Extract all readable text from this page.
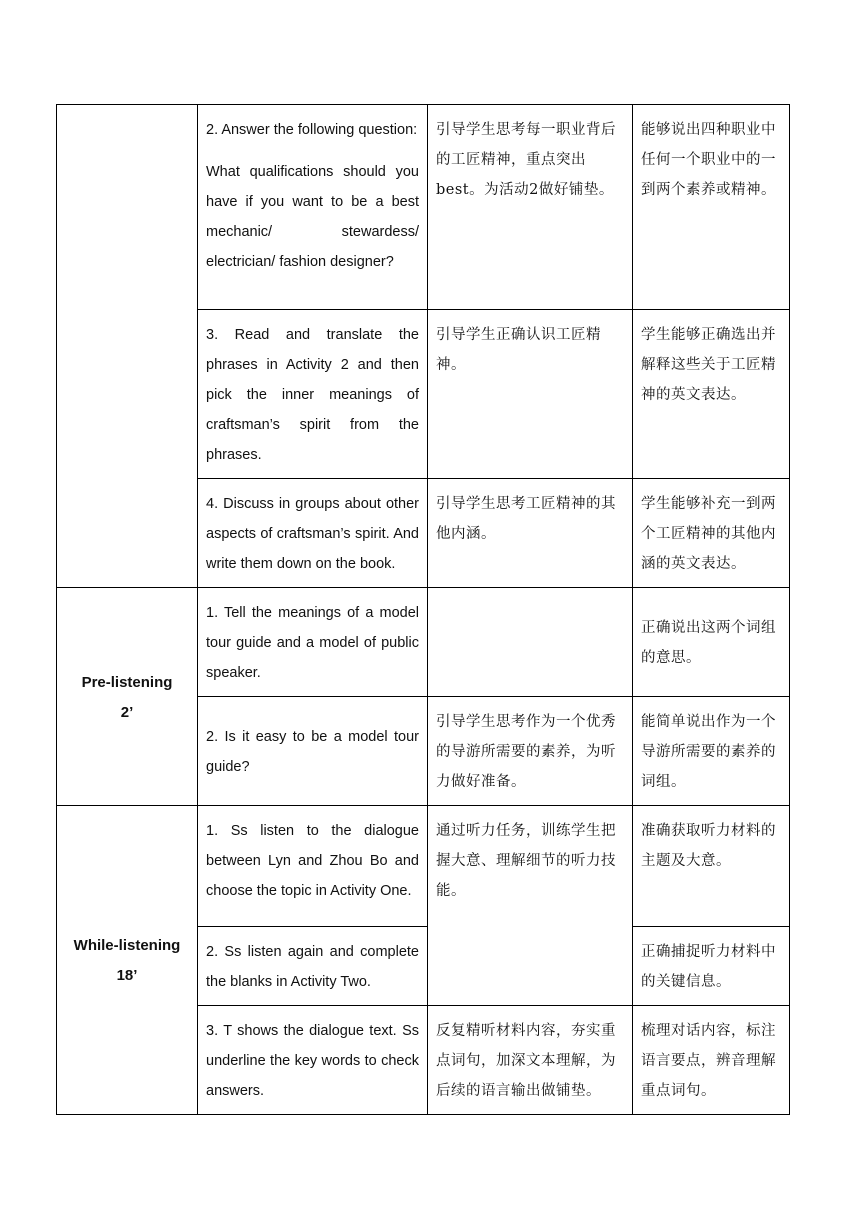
	2. Answer the following question:
What qualifications should you have if you want to be a best mechanic/ stewardess/ electrician/ fashion designer?	引导学生思考每一职业背后的工匠精神，重点突出best。为活动2做好铺垫。	能够说出四种职业中任何一个职业中的一到两个素养或精神。
	3. Read and translate the phrases in Activity 2 and then pick the inner meanings of craftsman’s spirit from the phrases.	引导学生正确认识工匠精神。	学生能够正确选出并解释这些关于工匠精神的英文表达。
	4. Discuss in groups about other aspects of craftsman’s spirit. And write them down on the book.	引导学生思考工匠精神的其他内涵。	学生能够补充一到两个工匠精神的其他内涵的英文表达。

Pre-listening
2’	1. Tell the meanings of a model tour guide and a model of public speaker.		正确说出这两个词组的意思。
	2. Is it easy to be a model tour guide?	引导学生思考作为一个优秀的导游所需要的素养，为听力做好准备。	能简单说出作为一个导游所需要的素养的词组。

While-listening
18’	1. Ss listen to the dialogue between Lyn and Zhou Bo and choose the topic in Activity One.	通过听力任务，训练学生把握大意、理解细节的听力技能。	准确获取听力材料的主题及大意。
	2. Ss listen again and complete the blanks in Activity Two.		正确捕捉听力材料中的关键信息。
	3. T shows the dialogue text. Ss underline the key words to check answers.	反复精听材料内容，夯实重点词句，加深文本理解，为后续的语言输出做铺垫。	梳理对话内容，标注语言要点，辨音理解重点词句。
